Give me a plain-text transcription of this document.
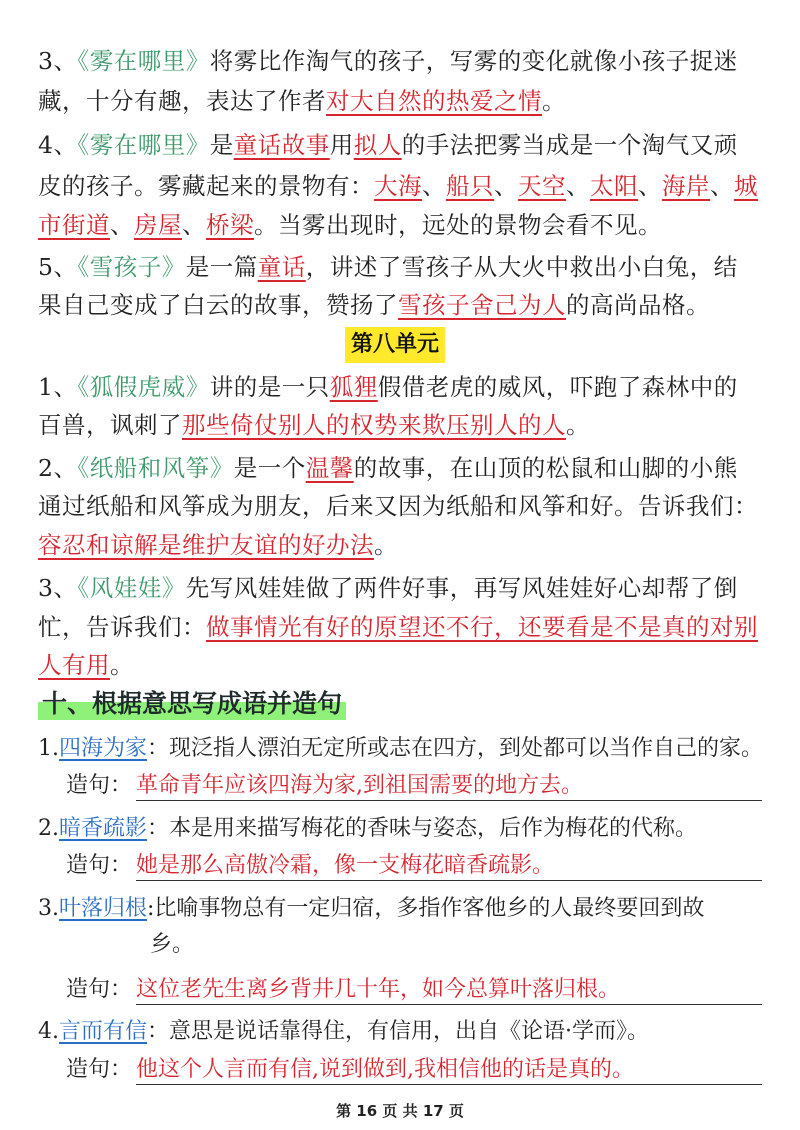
3、《雾在哪里》将雾比作淘气的孩子，写雾的变化就像小孩子捉迷
藏，十分有趣，表达了作者对大自然的热爱之情。
4、《雾在哪里》是童话故事用拟人的手法把雾当成是一个淘气又顽
皮的孩子。雾藏起来的景物有：大海、船只、天空、太阳、海岸、城
市街道、房屋、桥梁。当雾出现时，远处的景物会看不见。
5、《雪孩子》是一篇童话，讲述了雪孩子从大火中救出小白兔，结
果自己变成了白云的故事，赞扬了雪孩子舍己为人的高尚品格。
第八单元
1、《狐假虎威》讲的是一只狐狸假借老虎的威风，吓跑了森林中的
百兽，讽刺了那些倚仗别人的权势来欺压别人的人。
2、《纸船和风筝》是一个温馨的故事，在山顶的松鼠和山脚的小熊
通过纸船和风筝成为朋友，后来又因为纸船和风筝和好。告诉我们：
容忍和谅解是维护友谊的好办法。
3、《风娃娃》先写风娃娃做了两件好事，再写风娃娃好心却帮了倒
忙，告诉我们：做事情光有好的原望还不行，还要看是不是真的对别
人有用。
十、根据意思写成语并造句
1.四海为家：现泛指人漂泊无定所或志在四方，到处都可以当作自己的家。
造句： 革命青年应该四海为家,到祖国需要的地方去。
2.暗香疏影：本是用来描写梅花的香味与姿态，后作为梅花的代称。
造句： 她是那么高傲冷霜，像一支梅花暗香疏影。
3.叶落归根:比喻事物总有一定归宿，多指作客他乡的人最终要回到故
乡。
造句： 这位老先生离乡背井几十年，如今总算叶落归根。
4.言而有信：意思是说话靠得住，有信用，出自《论语·学而》。
造句： 他这个人言而有信,说到做到,我相信他的话是真的。
第 16 页 共 17 页
